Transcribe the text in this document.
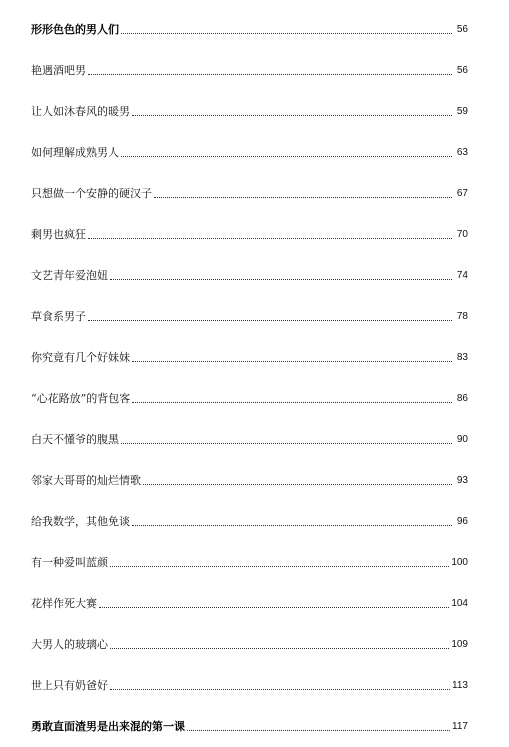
形形色色的男人们	56
艳遇酒吧男	56
让人如沐春风的暖男	59
如何理解成熟男人	63
只想做一个安静的硬汉子	67
剩男也疯狂	70
文艺青年爱泡妞	74
草食系男子	78
你究竟有几个好妹妹	83
“心花路放”的背包客	86
白天不懂爷的腹黑	90
邻家大哥哥的灿烂情歌	93
给我数学，其他免谈	96
有一种爱叫蓝颜	100
花样作死大赛	104
大男人的玻璃心	109
世上只有奶爸好	113
勇敢直面渣男是出来混的第一课	117
